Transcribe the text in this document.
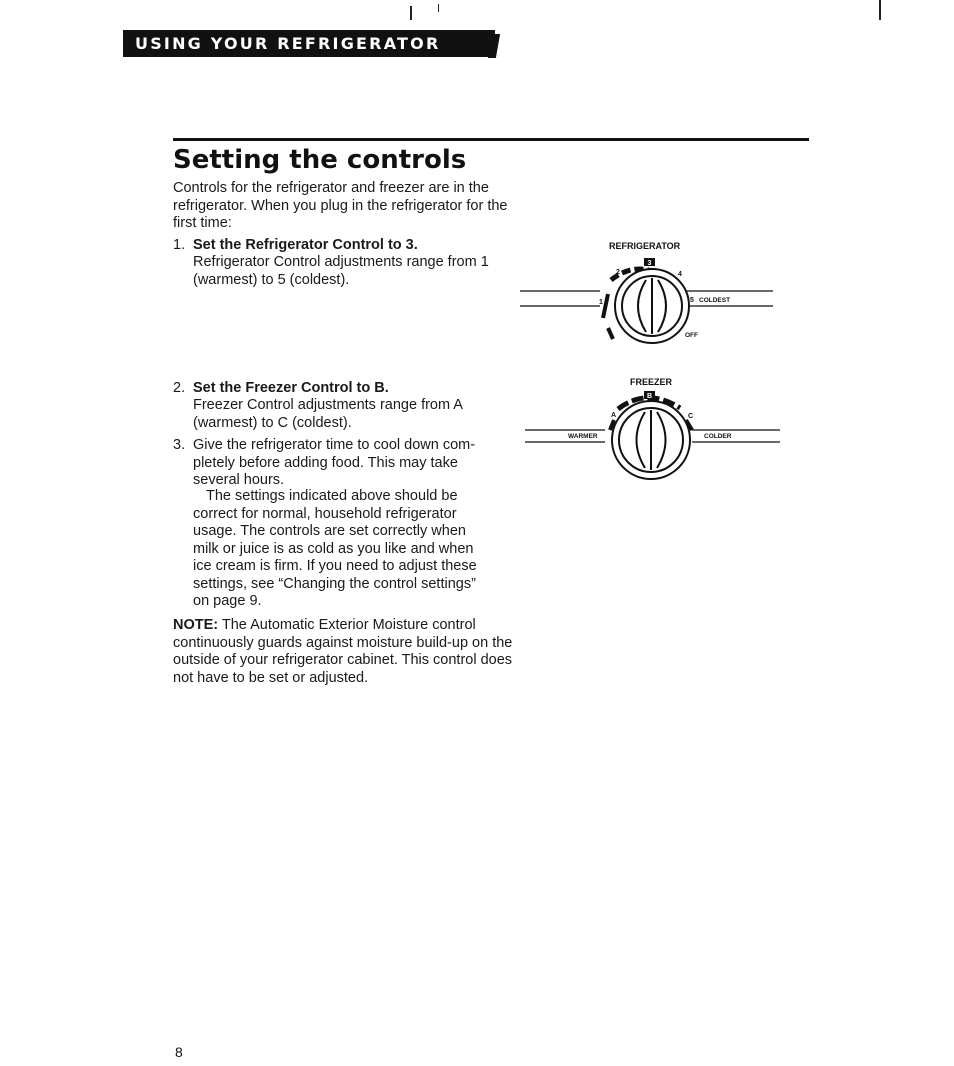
USING YOUR REFRIGERATOR
Setting the controls

Controls for the refrigerator and freezer are in the refrigerator. When you plug in the refrigerator for the first time:

1. Set the Refrigerator Control to 3.
Refrigerator Control adjustments range from 1 (warmest) to 5 (coldest).
2. Set the Freezer Control to B.
Freezer Control adjustments range from A (warmest) to C (coldest).
3. Give the refrigerator time to cool down com-pletely before adding food. This may take several hours.
The settings indicated above should be correct for normal, household refrigerator usage. The controls are set correctly when milk or juice is as cold as you like and when ice cream is firm. If you need to adjust these settings, see “Changing the control settings” on page 9.

NOTE: The Automatic Exterior Moisture control continuously guards against moisture build-up on the outside of your refrigerator cabinet. This control does not have to be set or adjusted.

REFRIGERATOR
3
1
2	4
5 COLDEST
OFF
FREEZER
B
A	C
WARMER	COLDER
8
